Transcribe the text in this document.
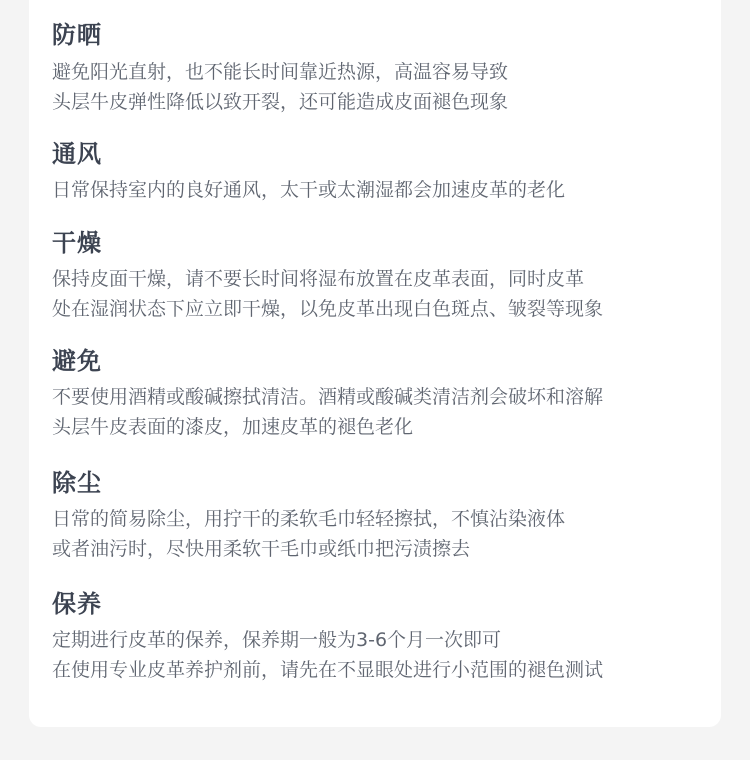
防晒
避免阳光直射，也不能长时间靠近热源，高温容易导致
头层牛皮弹性降低以致开裂，还可能造成皮面褪色现象
通风
日常保持室内的良好通风，太干或太潮湿都会加速皮革的老化
干燥
保持皮面干燥，请不要长时间将湿布放置在皮革表面，同时皮革
处在湿润状态下应立即干燥，以免皮革出现白色斑点、皱裂等现象
避免
不要使用酒精或酸碱擦拭清洁。酒精或酸碱类清洁剂会破坏和溶解
头层牛皮表面的漆皮，加速皮革的褪色老化
除尘
日常的简易除尘，用拧干的柔软毛巾轻轻擦拭，不慎沾染液体
或者油污时，尽快用柔软干毛巾或纸巾把污渍擦去
保养
定期进行皮革的保养，保养期一般为3-6个月一次即可
在使用专业皮革养护剂前，请先在不显眼处进行小范围的褪色测试
